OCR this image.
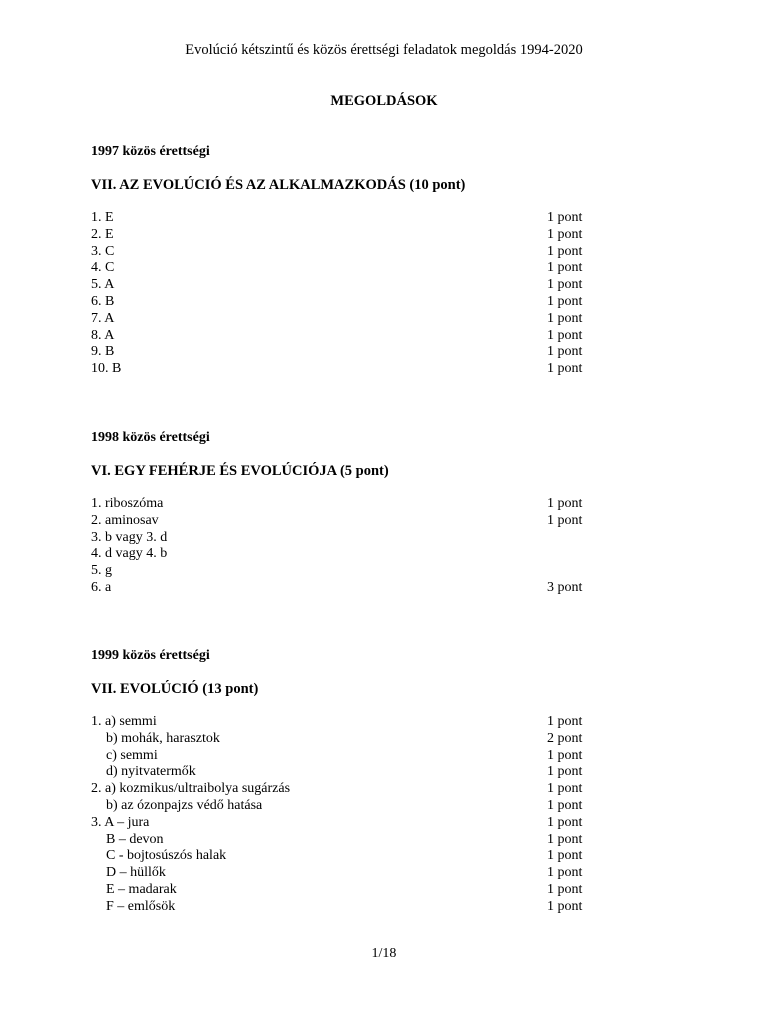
Evolúció kétszintű és közös érettségi feladatok megoldás 1994-2020
MEGOLDÁSOK
1997 közös érettségi
VII. AZ EVOLÚCIÓ ÉS AZ ALKALMAZKODÁS (10 pont)
1. E	1 pont
2. E	1 pont
3. C	1 pont
4. C	1 pont
5. A	1 pont
6. B	1 pont
7. A	1 pont
8. A	1 pont
9. B	1 pont
10. B	1 pont
1998 közös érettségi
VI. EGY FEHÉRJE ÉS EVOLÚCIÓJA (5 pont)
1. riboszóma	1 pont
2. aminosav	1 pont
3. b vagy 3. d
4. d vagy 4. b
5. g
6. a	3 pont
1999 közös érettségi
VII. EVOLÚCIÓ (13 pont)
1. a) semmi	1 pont
b) mohák, harasztok	2 pont
c) semmi	1 pont
d) nyitvatermők	1 pont
2. a) kozmikus/ultraibolya sugárzás	1 pont
b) az ózonpajzs védő hatása	1 pont
3. A – jura	1 pont
B – devon	1 pont
C - bojtosúszós halak	1 pont
D – hüllők	1 pont
E – madarak	1 pont
F – emlősök	1 pont
1/18
